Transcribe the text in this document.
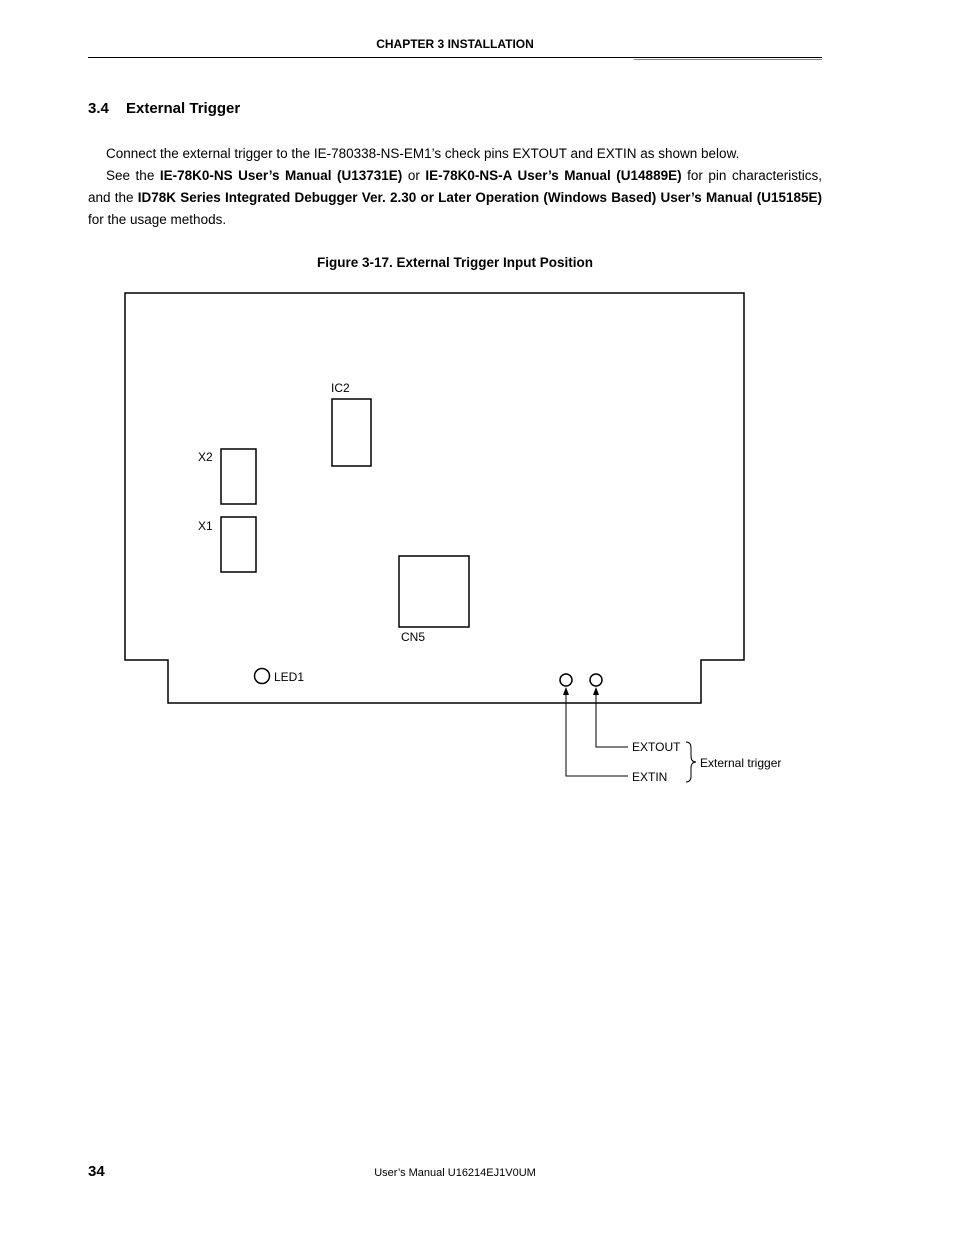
CHAPTER 3 INSTALLATION
3.4 External Trigger
Connect the external trigger to the IE-780338-NS-EM1’s check pins EXTOUT and EXTIN as shown below.
See the IE-78K0-NS User’s Manual (U13731E) or IE-78K0-NS-A User’s Manual (U14889E) for pin characteristics, and the ID78K Series Integrated Debugger Ver. 2.30 or Later Operation (Windows Based) User’s Manual (U15185E) for the usage methods.
Figure 3-17. External Trigger Input Position
IC2
X2
X1
CN5
LED1
EXTOUT
EXTIN
External trigger
34	User’s Manual U16214EJ1V0UM
